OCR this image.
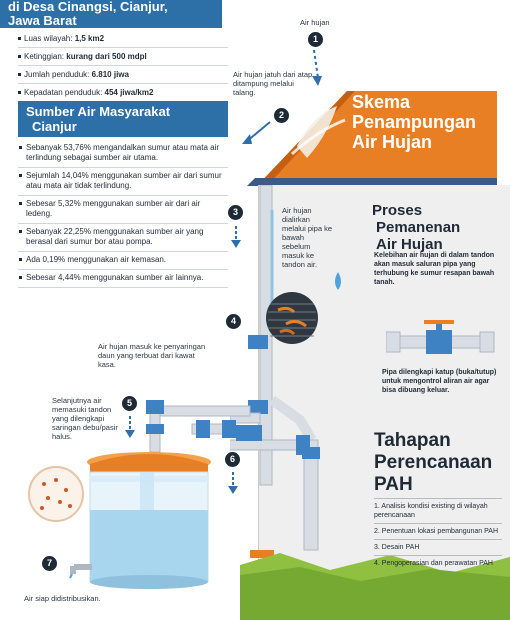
di Desa Cinangsi, Cianjur,
Jawa Barat
Luas wilayah: 1,5 km2
Ketinggian: kurang dari 500 mdpl
Jumlah penduduk: 6.810 jiwa
Kepadatan penduduk: 454 jiwa/km2
Sumber Air Masyarakat
Cianjur
Sebanyak 53,76% mengandalkan sumur atau mata air terlindung sebagai sumber air utama.
Sejumlah 14,04% menggunakan sumber air dari sumur atau mata air tidak terlindung.
Sebesar 5,32% menggunakan sumber air dari air ledeng.
Sebanyak 22,25% menggunakan sumber air yang berasal dari sumur bor atau pompa.
Ada 0,19% menggunakan air kemasan.
Sebesar 4,44% menggunakan sumber air lainnya.
Air hujan
1
Air hujan jatuh dari atap ditampung melalui talang.
2
Skema
Penampungan
Air Hujan
3	Air hujan dialirkan melalui pipa ke bawah sebelum masuk ke tandon air.
4
Air hujan masuk ke penyaringan daun yang terbuat dari kawat kasa.
5
Selanjutnya air memasuki tandon yang dilengkapi saringan debu/pasir halus.
6
7
Air siap didistribusikan.
Proses
Pemanenan
Air Hujan
Kelebihan air hujan di dalam tandon akan masuk saluran pipa yang terhubung ke sumur resapan bawah tanah.
Pipa dilengkapi katup (buka/tutup) untuk mengontrol aliran air agar bisa dibuang keluar.
Tahapan
Perencanaan
PAH
1. Analisis kondisi existing di wilayah perencanaan
2. Penentuan lokasi pembangunan PAH
3. Desain PAH
4. Pengoperasian dan perawatan PAH
